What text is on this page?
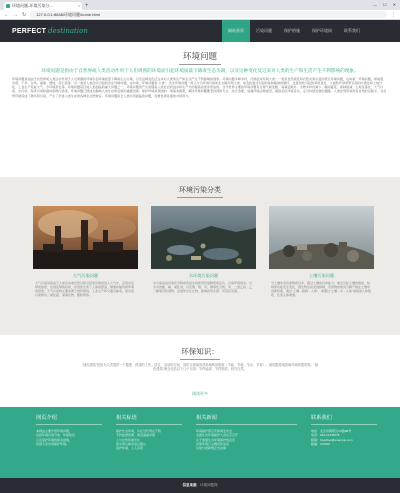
环境问题-环境污染分...	× +	— ☐ ✕
← → ↻	127.0.0.1:8848/环境问题/home.html	⋮
PERFECT destination	网站首页	污染问题	保护措施	保护环境网	联系我们
环境问题
环境问题是指由于自然界或人类活动作用于人们周围的环境而引起环境质量下降或生态失调，以及这种变化反过来对人类的生产和生活产生不利影响的现象。
环境问题是指由于自然界或人类活动作用于人们周围的环境引起环境质量下降或生态失调，以及这种变化反过来对人类的生产和生活产生不利影响的现象。环境问题多种多样，归纳起来有两大类：一类是自然演变和自然灾害引起的原生环境问题，也叫第一环境问题，如地震、洪涝、干旱、台风、崩塌、滑坡、泥石流等；另一类是人类活动引起的次生环境问题，也叫第二环境问题和“公害”。次生环境问题一般又分为环境污染和生态破坏两大类，如乱砍滥伐引起的森林植被的破坏、过度放牧引起的草原退化、大面积开垦草原引起的沙漠化和土地沙化、工业生产造成大气、水环境恶化等。环境问题是目前人类面临的重大问题之一，环境问题的产生是随着人类社会的进步和生产力的提高而逐步形成的。当今世界主要的环境问题有全球气候变暖、臭氧层破坏、生物多样性减少、酸雨蔓延、森林锐减、土地荒漠化、大气污染、水污染、海洋污染和固体废物污染等，环境问题已经成为影响人类生存和发展的重要因素。保护环境是我国的一项基本国策，解决环境问题要坚持预防为主、综合治理，加强环境法制建设，提高全民环境意识，走可持续发展的道路。人类在利用和改造自然的过程中，对自然环境造成了破坏和污染，产生了危害人类生存的各种负反馈效应。环境问题是全人类共同面临的问题，需要世界各国的共同努力。
环境污染分类
大气污染问题
大气污染是指由于人类活动或自然过程引起某些物质进入大气中，呈现出足够的浓度，达到足够的时间，并因此危害了人体的舒适、健康和福利或环境的现象。大气污染物主要来源于燃料燃烧、工业生产和交通运输等，常见的污染物有二氧化硫、氮氧化物、颗粒物等。
水环境污染问题
水污染是由有害化学物质造成水的使用价值降低或丧失，污染环境的水。污水中的酸、碱、氧化剂，以及铜、镉、汞、砷等化合物，苯、二氯乙烷、乙二醇等有机毒物，会毒死水生生物，影响饮用水源、风景区景观。
土壤污染问题
当土壤中含有害物质过多，超过土壤的自净能力，就会引起土壤的组成、结构和功能发生变化，微生物活动受到抑制，有害物质或其分解产物在土壤中逐渐积累，通过“土壤→植物→人体”，或通过“土壤→水→人体”间接被人体吸收，危害人体健康。
环保知识：
“绿色建筑”是指为人类提供一个健康、舒适的工作、居住、活动的空间，同时实现最高效率地利用资源（节能、节地、节水、节材），最低限度地影响环境的建筑物。“绿色建筑”理念包括以下几个方面：节约能源、节约资源、回归自然。
阅读更多
网页介绍
本网站主要介绍环境问题，
包括环境污染分类、环保知识
以及保护环境的相关措施，
希望大家共同保护环境。
相关标语
保护生态环境，功在当代利在千秋
节约能源资源，建设美丽中国
人与自然和谐共生
绿水青山就是金山银山
爱护环境，人人有责
相关新闻
环境保护部召开新闻发布会
全国生态环境保护大会在京召开
关于加强生态环境保护的意见
世界环境日主题宣传活动
垃圾分类新规正式实施
联系我们
地址：北京市朝阳区XX路88号
电话：010-12345678
邮箱：huanbao@example.com
邮编：100000
信息来源：环境问题网
